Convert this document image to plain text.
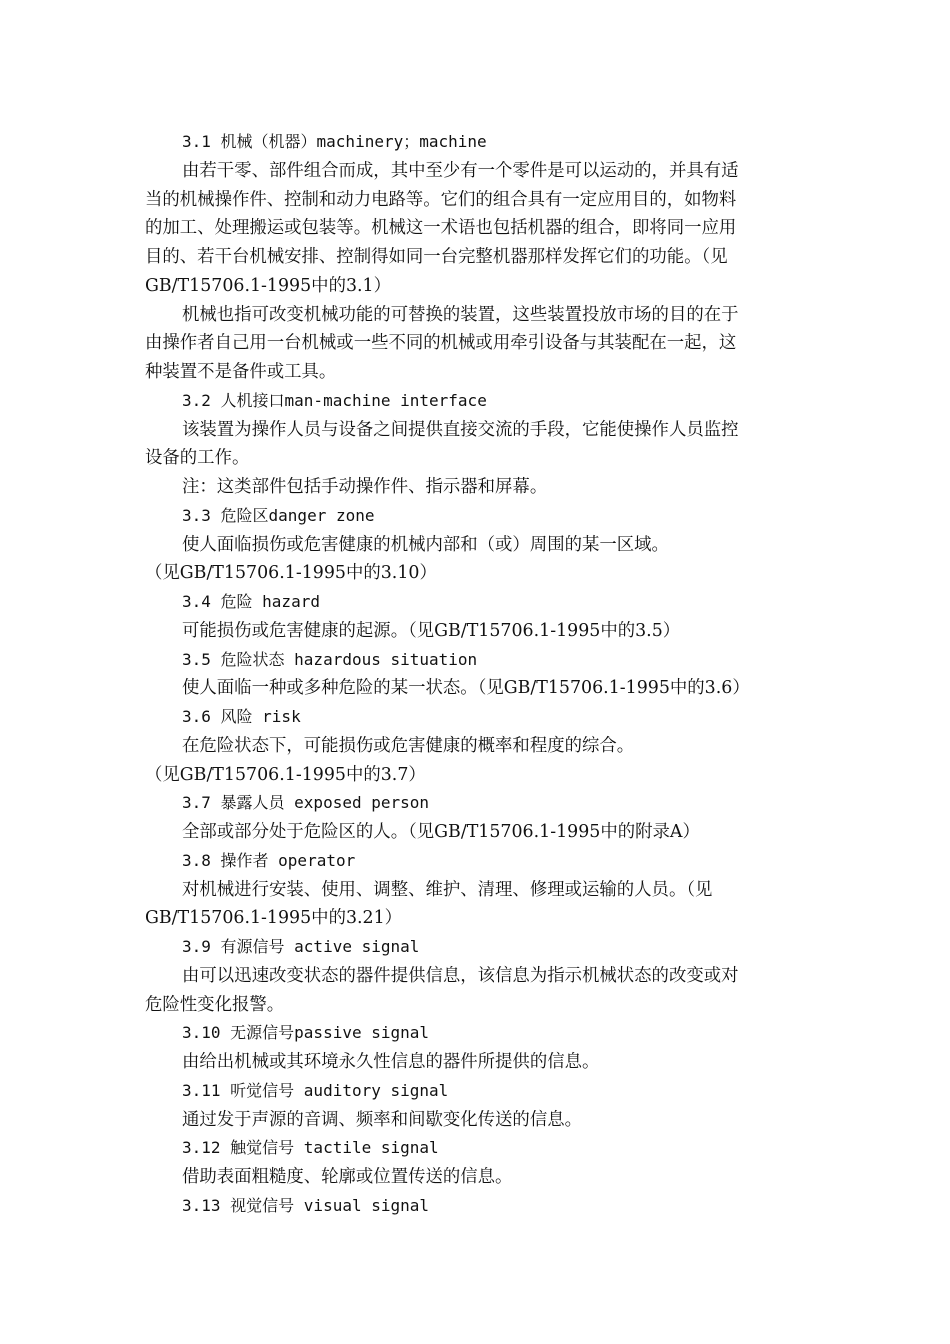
3.1 机械（机器）machinery；machine
由若干零、部件组合而成，其中至少有一个零件是可以运动的，并具有适
当的机械操作件、控制和动力电路等。它们的组合具有一定应用目的，如物料
的加工、处理搬运或包装等。机械这一术语也包括机器的组合，即将同一应用
目的、若干台机械安排、控制得如同一台完整机器那样发挥它们的功能。（见
GB/T15706.1-1995中的3.1）
机械也指可改变机械功能的可替换的装置，这些装置投放市场的目的在于
由操作者自己用一台机械或一些不同的机械或用牵引设备与其装配在一起，这
种装置不是备件或工具。
3.2 人机接口man-machine interface
该装置为操作人员与设备之间提供直接交流的手段，它能使操作人员监控
设备的工作。
注：这类部件包括手动操作件、指示器和屏幕。
3.3 危险区danger zone
使人面临损伤或危害健康的机械内部和（或）周围的某一区域。
（见GB/T15706.1-1995中的3.10）
3.4 危险 hazard
可能损伤或危害健康的起源。（见GB/T15706.1-1995中的3.5）
3.5 危险状态 hazardous situation
使人面临一种或多种危险的某一状态。（见GB/T15706.1-1995中的3.6）
3.6 风险 risk
在危险状态下，可能损伤或危害健康的概率和程度的综合。
（见GB/T15706.1-1995中的3.7）
3.7 暴露人员 exposed person
全部或部分处于危险区的人。（见GB/T15706.1-1995中的附录A）
3.8 操作者 operator
对机械进行安装、使用、调整、维护、清理、修理或运输的人员。（见
GB/T15706.1-1995中的3.21）
3.9 有源信号 active signal
由可以迅速改变状态的器件提供信息，该信息为指示机械状态的改变或对
危险性变化报警。
3.10 无源信号passive signal
由给出机械或其环境永久性信息的器件所提供的信息。
3.11 听觉信号 auditory signal
通过发于声源的音调、频率和间歇变化传送的信息。
3.12 触觉信号 tactile signal
借助表面粗糙度、轮廓或位置传送的信息。
3.13 视觉信号 visual signal
